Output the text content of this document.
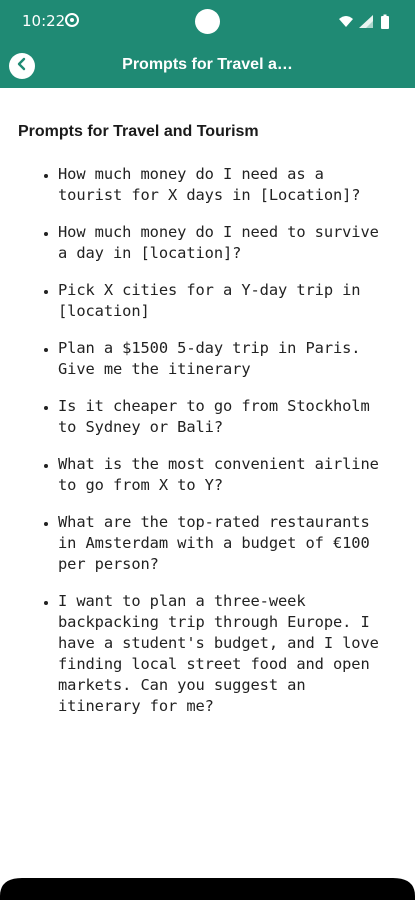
10:22
Prompts for Travel a…
Prompts for Travel and Tourism
• How much money do I need as a
tourist for X days in [Location]?
• How much money do I need to survive
a day in [location]?
• Pick X cities for a Y-day trip in
[location]
• Plan a $1500 5-day trip in Paris.
Give me the itinerary
• Is it cheaper to go from Stockholm
to Sydney or Bali?
• What is the most convenient airline
to go from X to Y?
• What are the top-rated restaurants
in Amsterdam with a budget of €100
per person?
• I want to plan a three-week
backpacking trip through Europe. I
have a student's budget, and I love
finding local street food and open
markets. Can you suggest an
itinerary for me?
